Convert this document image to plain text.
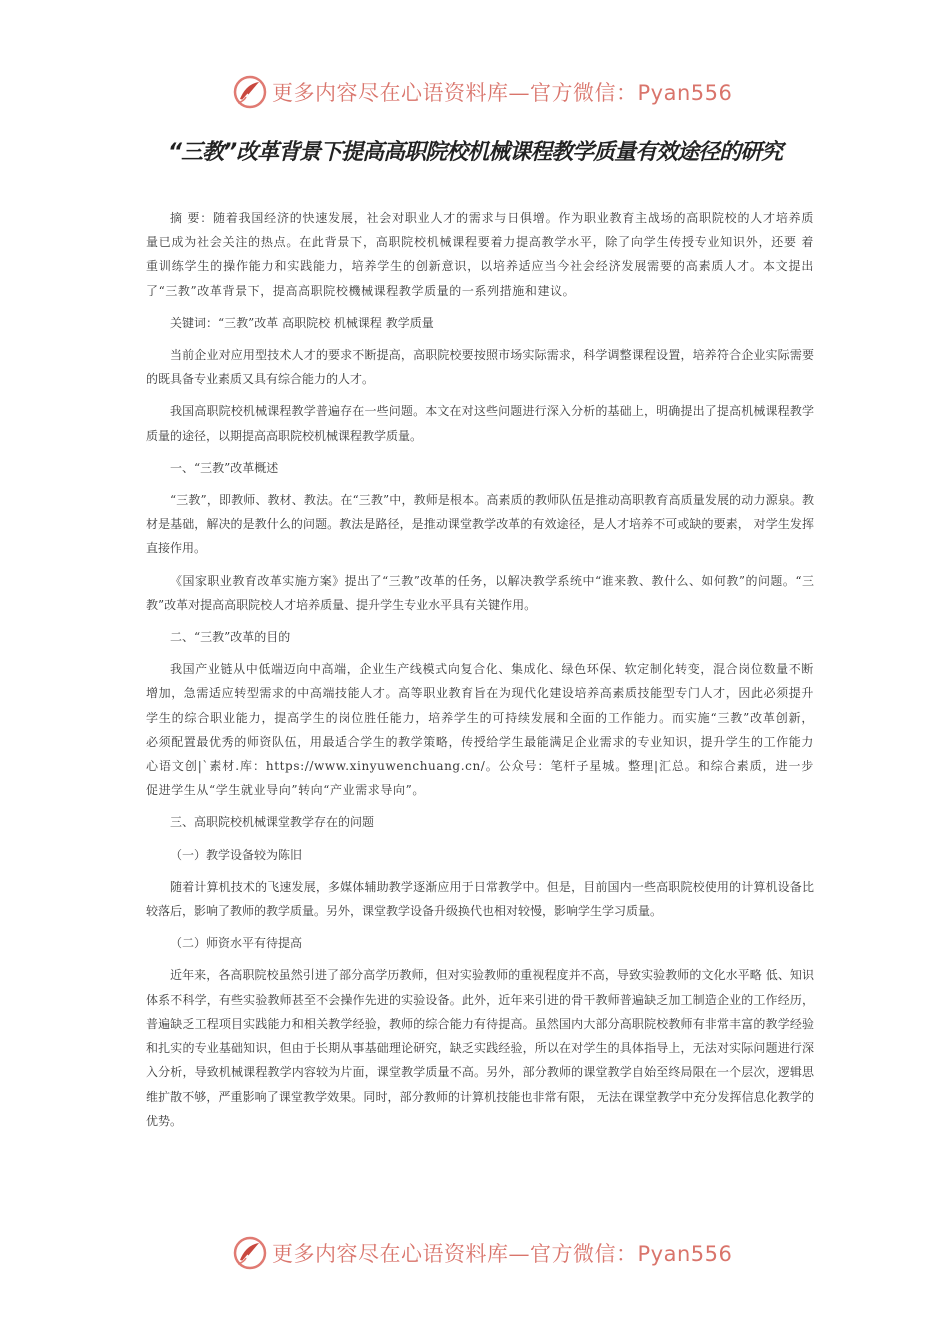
更多内容尽在心语资料库—官方微信：Pyan556
“三教”改革背景下提高高职院校机械课程教学质量有效途径的研究

摘 要：随着我国经济的快速发展，社会对职业人才的需求与日俱增。作为职业教育主战场的高职院校的人才培养质量已成为社会关注的热点。在此背景下，高职院校机械课程要着力提高教学水平，除了向学生传授专业知识外，还要 着重训练学生的操作能力和实践能力，培养学生的创新意识，以培养适应当今社会经济发展需要的高素质人才。本文提出了“三教”改革背景下，提高高职院校機械课程教学质量的一系列措施和建议。

关键词：“三教”改革 高职院校 机械课程 教学质量

当前企业对应用型技术人才的要求不断提高，高职院校要按照市场实际需求，科学调整课程设置，培养符合企业实际需要的既具备专业素质又具有综合能力的人才。

我国高职院校机械课程教学普遍存在一些问题。本文在对这些问题进行深入分析的基础上，明确提出了提高机械课程教学质量的途径，以期提高高职院校机械课程教学质量。

一、“三教”改革概述

“三教”，即教师、教材、教法。在“三教”中，教师是根本。高素质的教师队伍是推动高职教育高质量发展的动力源泉。教材是基础，解决的是教什么的问题。教法是路径，是推动课堂教学改革的有效途径，是人才培养不可或缺的要素， 对学生发挥直接作用。

《国家职业教育改革实施方案》提出了“三教”改革的任务，以解决教学系统中“谁来教、教什么、如何教”的问题。“三教”改革对提高高职院校人才培养质量、提升学生专业水平具有关键作用。

二、“三教”改革的目的

我国产业链从中低端迈向中高端，企业生产线模式向复合化、集成化、绿色环保、软定制化转变，混合岗位数量不断增加，急需适应转型需求的中高端技能人才。高等职业教育旨在为现代化建设培养高素质技能型专门人才，因此必须提升学生的综合职业能力，提高学生的岗位胜任能力，培养学生的可持续发展和全面的工作能力。而实施“三教”改革创新，必须配置最优秀的师资队伍，用最适合学生的教学策略，传授给学生最能满足企业需求的专业知识，提升学生的工作能力心语文创|`素材.库：https://www.xinyuwenchuang.cn/。公众号：笔杆子星城。整理|汇总。和综合素质，进一步促进学生从“学生就业导向”转向“产业需求导向”。

三、高职院校机械课堂教学存在的问题

（一）教学设备较为陈旧

随着计算机技术的飞速发展，多媒体辅助教学逐渐应用于日常教学中。但是，目前国内一些高职院校使用的计算机设备比较落后，影响了教师的教学质量。另外，课堂教学设备升级换代也相对较慢，影响学生学习质量。

（二）师资水平有待提高

近年来，各高职院校虽然引进了部分高学历教师，但对实验教师的重视程度并不高，导致实验教师的文化水平略 低、知识体系不科学，有些实验教师甚至不会操作先进的实验设备。此外，近年来引进的骨干教师普遍缺乏加工制造企业的工作经历，普遍缺乏工程项目实践能力和相关教学经验，教师的综合能力有待提高。虽然国内大部分高职院校教师有非常丰富的教学经验和扎实的专业基础知识，但由于长期从事基础理论研究，缺乏实践经验，所以在对学生的具体指导上，无法对实际问题进行深入分析，导致机械课程教学内容较为片面，课堂教学质量不高。另外，部分教师的课堂教学自始至终局限在一个层次，逻辑思维扩散不够，严重影响了课堂教学效果。同时，部分教师的计算机技能也非常有限， 无法在课堂教学中充分发挥信息化教学的优势。

更多内容尽在心语资料库—官方微信：Pyan556
